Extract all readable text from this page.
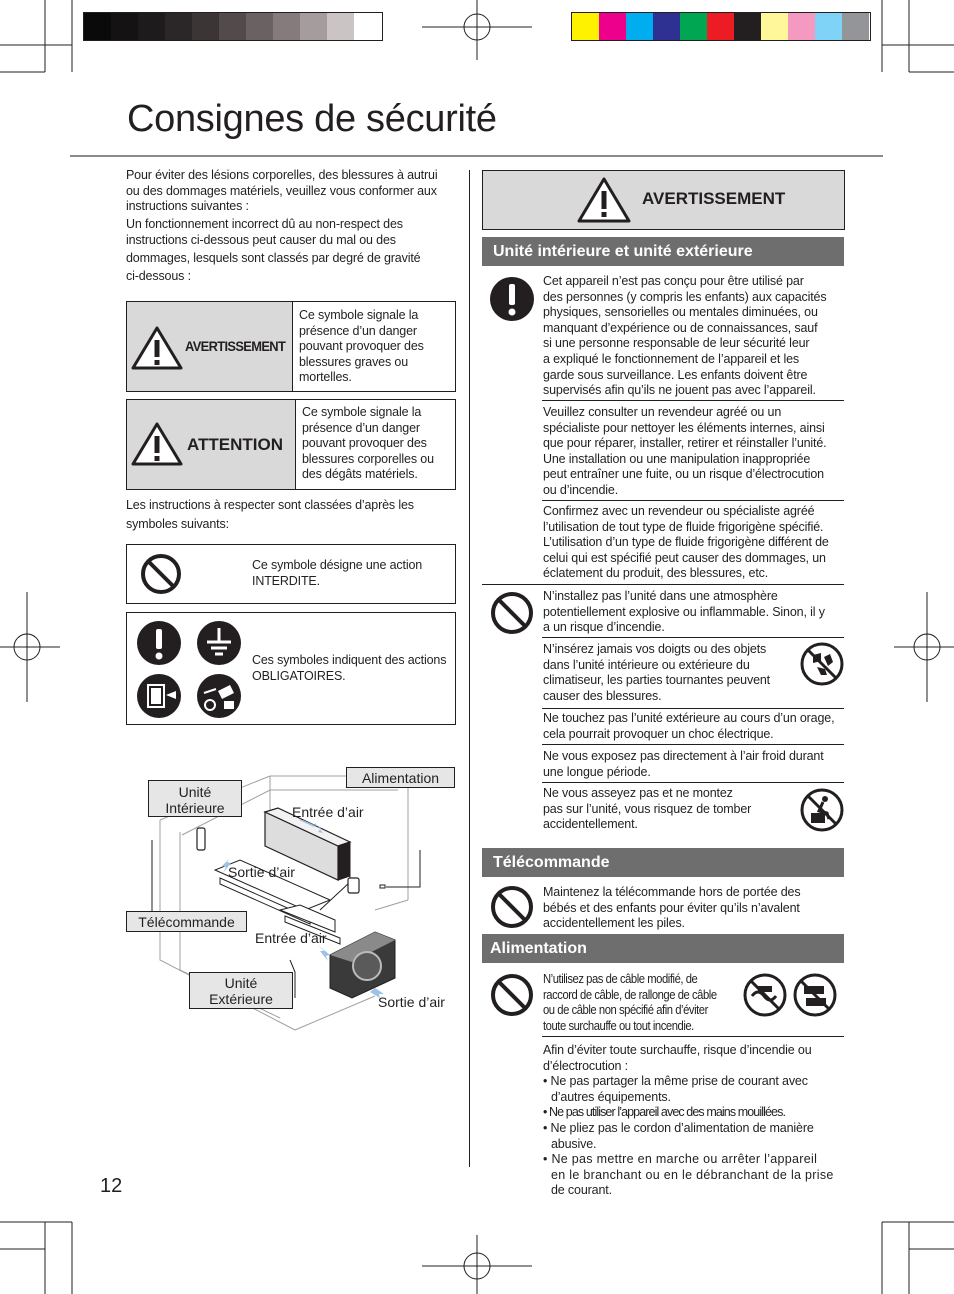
Consignes de sécurité
Pour éviter des lésions corporelles, des blessures à autrui
ou des dommages matériels, veuillez vous conformer aux
instructions suivantes :
Un fonctionnement incorrect dû au non-respect des
instructions ci-dessous peut causer du mal ou des
dommages, lesquels sont classés par degré de gravité
ci-dessous :
AVERTISSEMENT
Ce symbole signale la
présence d’un danger
pouvant provoquer des
blessures graves ou
mortelles.
ATTENTION
Ce symbole signale la
présence d’un danger
pouvant provoquer des
blessures corporelles ou
des dégâts matériels.
Les instructions à respecter sont classées d’après les
symboles suivants:
Ce symbole désigne une action
INTERDITE.
Ces symboles indiquent des actions
OBLIGATOIRES.
Unité
Intérieure
Alimentation
Entrée d’air
Sortie d’air
Télécommande
Entrée d’air
Unité
Extérieure	Sortie d’air
12
AVERTISSEMENT
Unité intérieure et unité extérieure
Cet appareil n’est pas conçu pour être utilisé par
des personnes (y compris les enfants) aux capacités
physiques, sensorielles ou mentales diminuées, ou
manquant d’expérience ou de connaissances, sauf
si une personne responsable de leur sécurité leur
a expliqué le fonctionnement de l’appareil et les
garde sous surveillance. Les enfants doivent être
supervisés afin qu’ils ne jouent pas avec l’appareil.
Veuillez consulter un revendeur agréé ou un
spécialiste pour nettoyer les éléments internes, ainsi
que pour réparer, installer, retirer et réinstaller l’unité.
Une installation ou une manipulation inappropriée
peut entraîner une fuite, ou un risque d’électrocution
ou d’incendie.
Confirmez avec un revendeur ou spécialiste agréé
l’utilisation de tout type de fluide frigorigène spécifié.
L’utilisation d’un type de fluide frigorigène différent de
celui qui est spécifié peut causer des dommages, un
éclatement du produit, des blessures, etc.
N’installez pas l’unité dans une atmosphère
potentiellement explosive ou inflammable. Sinon, il y
a un risque d’incendie.
N’insérez jamais vos doigts ou des objets
dans l’unité intérieure ou extérieure du
climatiseur, les parties tournantes peuvent
causer des blessures.
Ne touchez pas l’unité extérieure au cours d’un orage,
cela pourrait provoquer un choc électrique.
Ne vous exposez pas directement à l’air froid durant
une longue période.
Ne vous asseyez pas et ne montez
pas sur l’unité, vous risquez de tomber
accidentellement.
Télécommande
Maintenez la télécommande hors de portée des
bébés et des enfants pour éviter qu’ils n’avalent
accidentellement les piles.
Alimentation
N’utilisez pas de câble modifié, de
raccord de câble, de rallonge de câble
ou de câble non spécifié afin d’éviter
toute surchauffe ou tout incendie.
Afin d’éviter toute surchauffe, risque d’incendie ou
d’électrocution :
• Ne pas partager la même prise de courant avec
d’autres équipements.
• Ne pas utiliser l’appareil avec des mains mouillées.
• Ne pliez pas le cordon d’alimentation de manière
abusive.
• Ne pas mettre en marche ou arrêter l’appareil
en le branchant ou en le débranchant de la prise
de courant.
